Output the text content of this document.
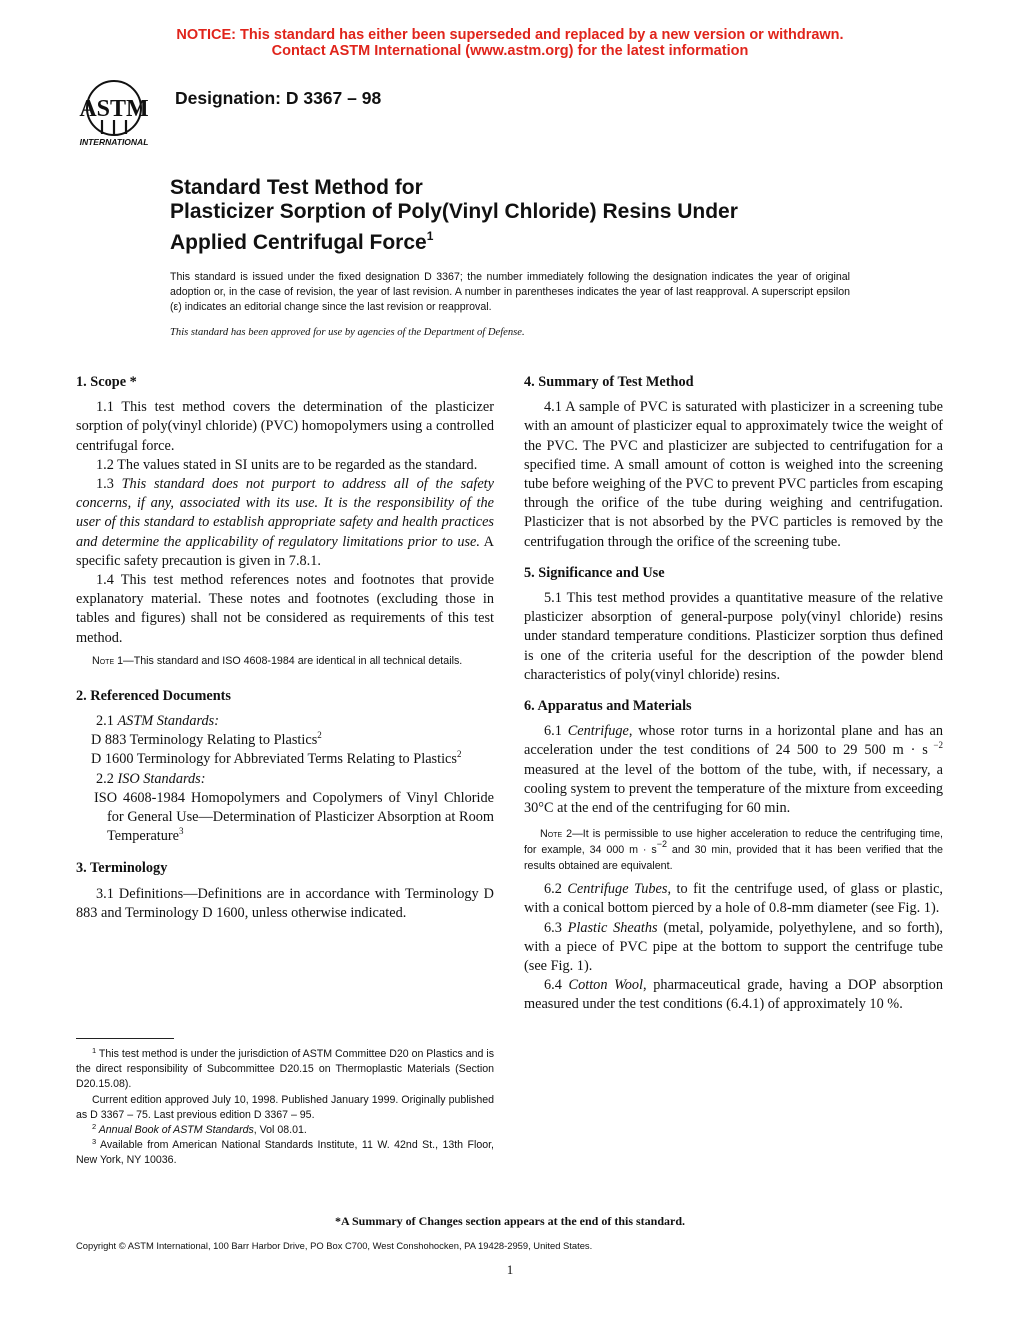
NOTICE: This standard has either been superseded and replaced by a new version or withdrawn.
Contact ASTM International (www.astm.org) for the latest information
ASTM
INTERNATIONAL
Designation: D 3367 – 98
Standard Test Method for
Plasticizer Sorption of Poly(Vinyl Chloride) Resins Under
Applied Centrifugal Force$^1$
This standard is issued under the fixed designation D 3367; the number immediately following the designation indicates the year of original adoption or, in the case of revision, the year of last revision. A number in parentheses indicates the year of last reapproval. A superscript epsilon (ε) indicates an editorial change since the last revision or reapproval.
This standard has been approved for use by agencies of the Department of Defense.
1. Scope *

1.1 This test method covers the determination of the plasticizer sorption of poly(vinyl chloride) (PVC) homopolymers using a controlled centrifugal force.

1.2 The values stated in SI units are to be regarded as the standard.

1.3 This standard does not purport to address all of the safety concerns, if any, associated with its use. It is the responsibility of the user of this standard to establish appropriate safety and health practices and determine the applicability of regulatory limitations prior to use. A specific safety precaution is given in 7.8.1.

1.4 This test method references notes and footnotes that provide explanatory material. These notes and footnotes (excluding those in tables and figures) shall not be considered as requirements of this test method.

Note 1—This standard and ISO 4608-1984 are identical in all technical details.

2. Referenced Documents

2.1 ASTM Standards:

D 883 Terminology Relating to Plastics$^2$

D 1600 Terminology for Abbreviated Terms Relating to Plastics$^2$

2.2 ISO Standards:

ISO 4608-1984 Homopolymers and Copolymers of Vinyl Chloride for General Use—Determination of Plasticizer Absorption at Room Temperature$^3$

3. Terminology

3.1 Definitions—Definitions are in accordance with Terminology D 883 and Terminology D 1600, unless otherwise indicated.

$^1$ This test method is under the jurisdiction of ASTM Committee D20 on Plastics and is the direct responsibility of Subcommittee D20.15 on Thermoplastic Materials (Section D20.15.08).

Current edition approved July 10, 1998. Published January 1999. Originally published as D 3367 – 75. Last previous edition D 3367 – 95.

$^2$ Annual Book of ASTM Standards, Vol 08.01.

$^3$ Available from American National Standards Institute, 11 W. 42nd St., 13th Floor, New York, NY 10036.

4. Summary of Test Method

4.1 A sample of PVC is saturated with plasticizer in a screening tube with an amount of plasticizer equal to approximately twice the weight of the PVC. The PVC and plasticizer are subjected to centrifugation for a specified time. A small amount of cotton is weighed into the screening tube before weighing of the PVC to prevent PVC particles from escaping through the orifice of the tube during weighing and centrifugation. Plasticizer that is not absorbed by the PVC particles is removed by the centrifugation through the orifice of the screening tube.

5. Significance and Use

5.1 This test method provides a quantitative measure of the relative plasticizer absorption of general-purpose poly(vinyl chloride) resins under standard temperature conditions. Plasticizer sorption thus defined is one of the criteria useful for the description of the powder blend characteristics of poly(vinyl chloride) resins.

6. Apparatus and Materials

6.1 Centrifuge, whose rotor turns in a horizontal plane and has an acceleration under the test conditions of 24 500 to 29 500 m · s $^{-2}$ measured at the level of the bottom of the tube, with, if necessary, a cooling system to prevent the temperature of the mixture from exceeding 30°C at the end of the centrifuging for 60 min.

Note 2—It is permissible to use higher acceleration to reduce the centrifuging time, for example, 34 000 $m \cdot s^{-2}$ and 30 min, provided that it has been verified that the results obtained are equivalent.

6.2 Centrifuge Tubes, to fit the centrifuge used, of glass or plastic, with a conical bottom pierced by a hole of 0.8-mm diameter (see Fig. 1).

6.3 Plastic Sheaths (metal, polyamide, polyethylene, and so forth), with a piece of PVC pipe at the bottom to support the centrifuge tube (see Fig. 1).

6.4 Cotton Wool, pharmaceutical grade, having a DOP absorption measured under the test conditions (6.4.1) of approximately 10 %.

*A Summary of Changes section appears at the end of this standard.
Copyright © ASTM International, 100 Barr Harbor Drive, PO Box C700, West Conshohocken, PA 19428-2959, United States.
1
